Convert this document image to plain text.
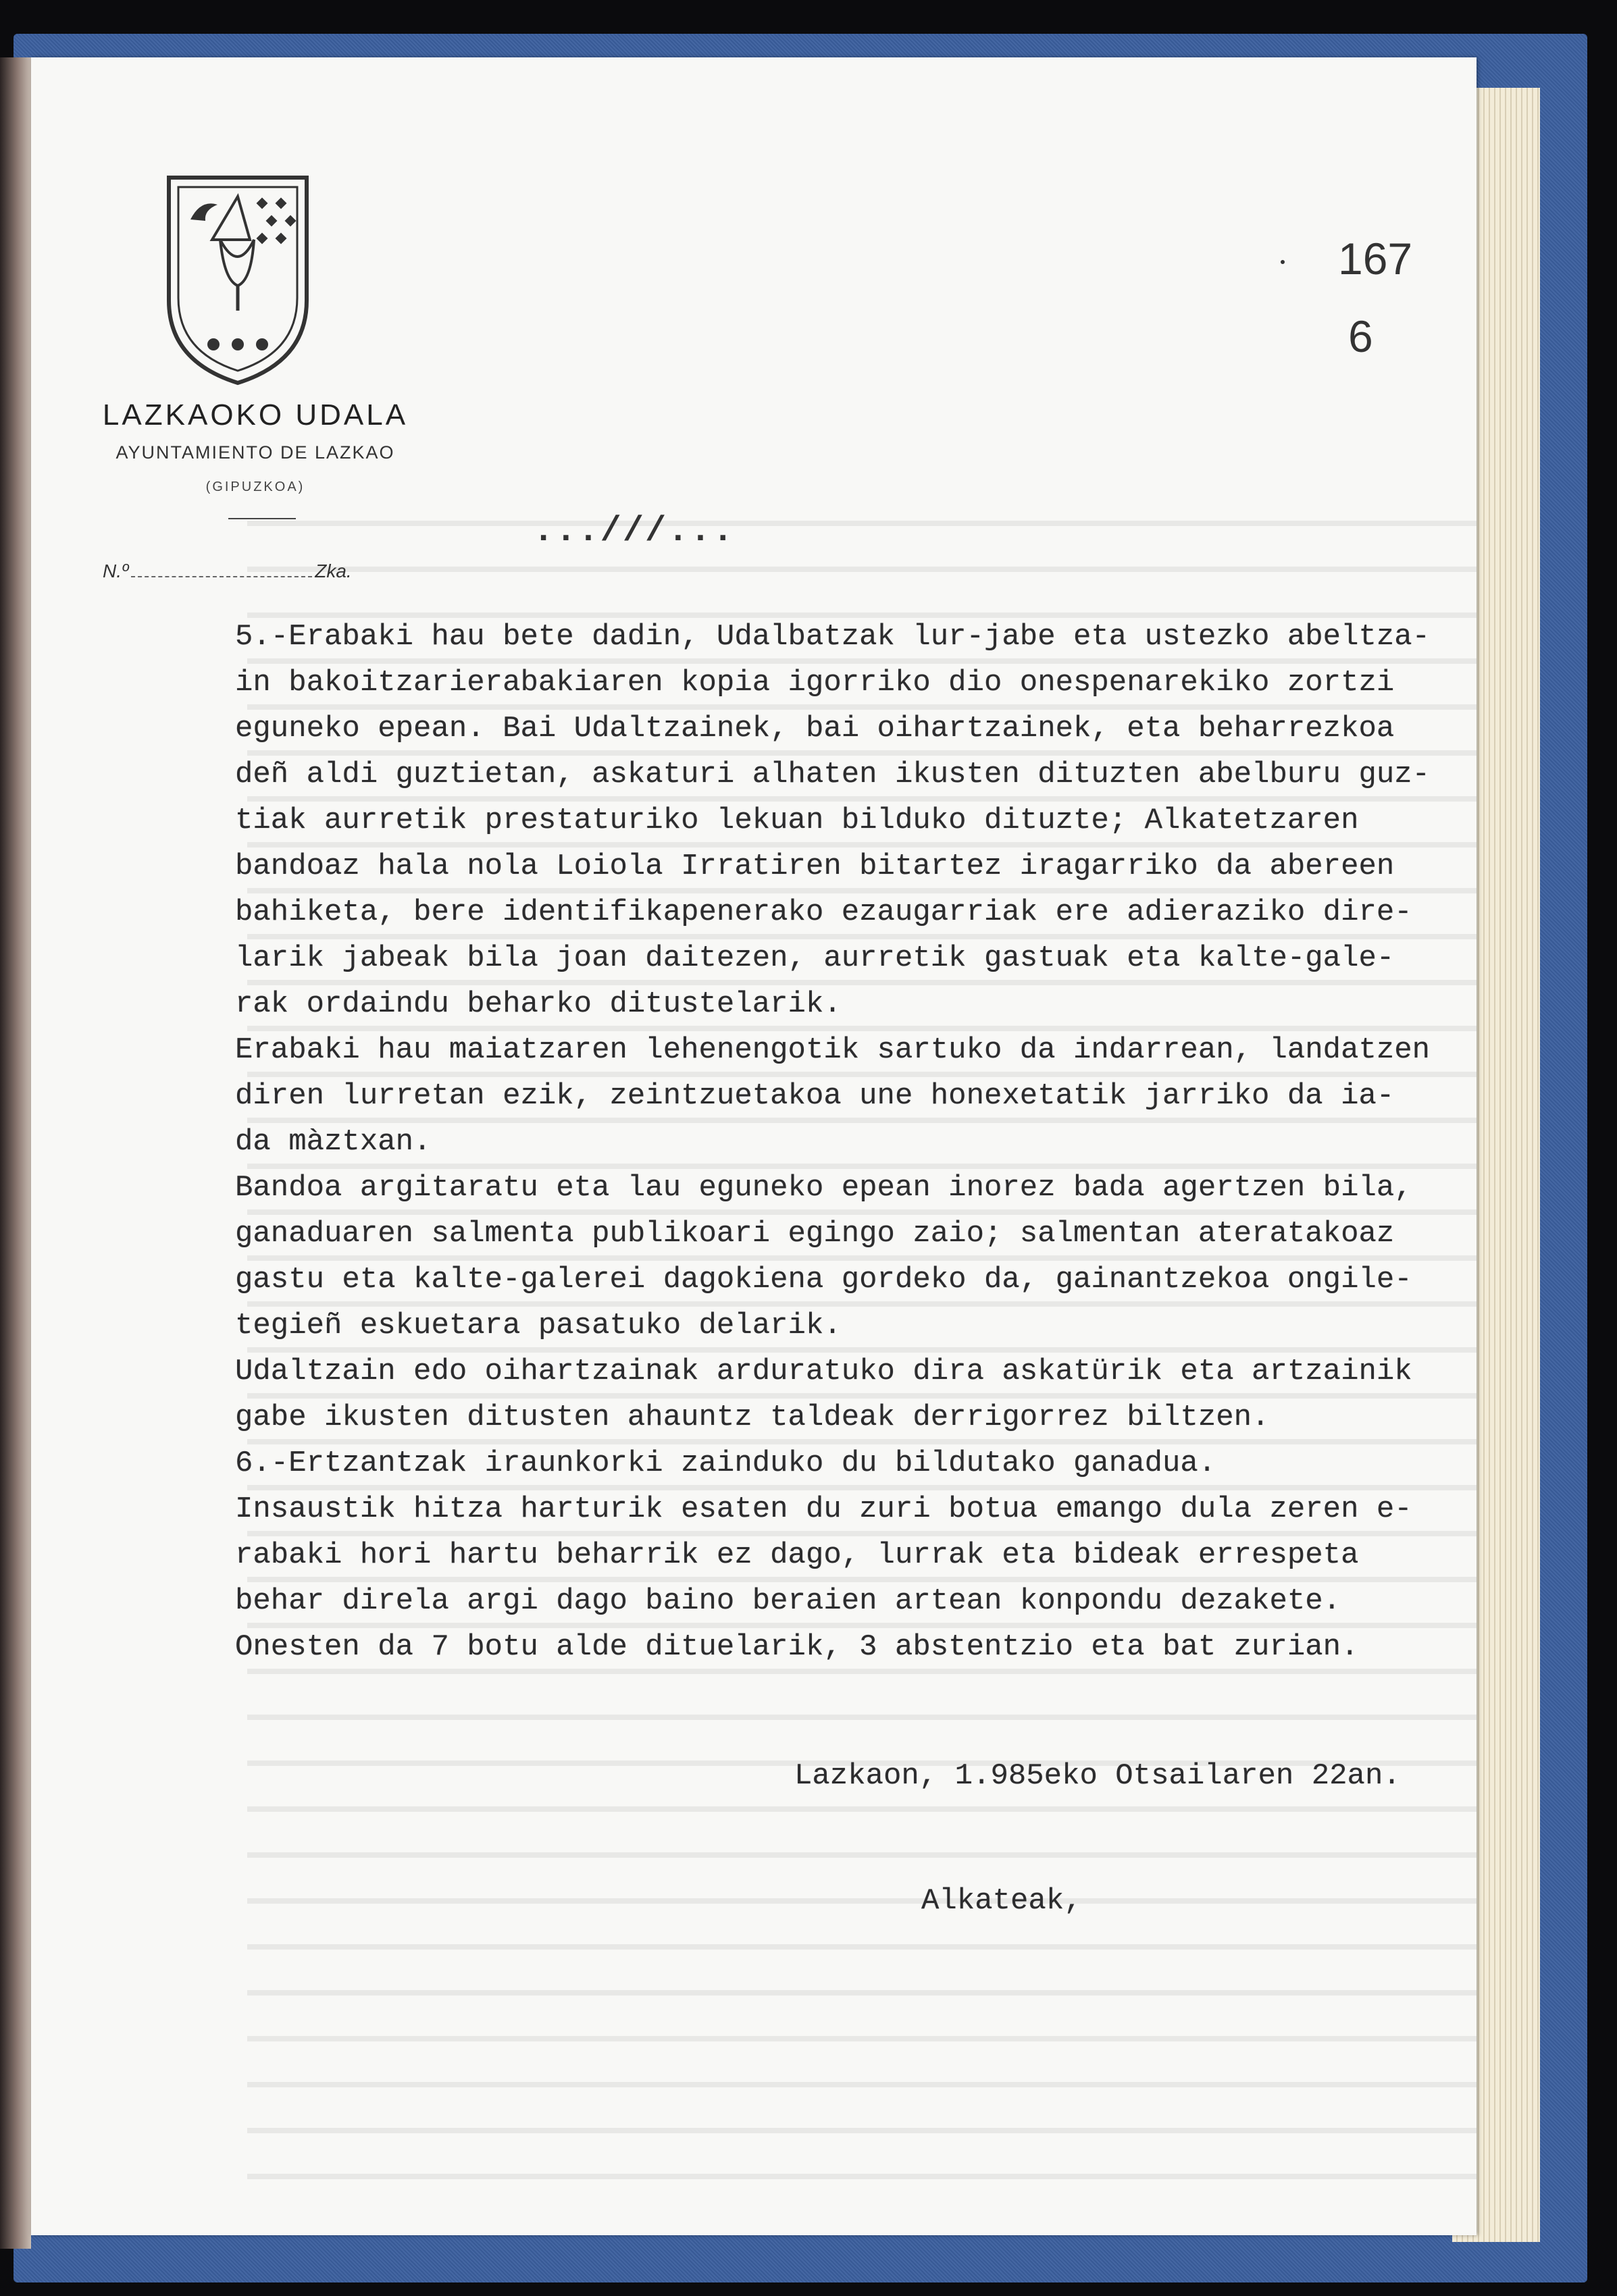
LAZKAOKO UDALA
AYUNTAMIENTO DE LAZKAO
(GIPUZKOA)
N.º	Zka.
167
6
...///...
5.-Erabaki hau bete dadin, Udalbatzak lur-jabe eta ustezko abeltza-
in bakoitzarierabakiaren kopia igorriko dio onespenarekiko zortzi
eguneko epean. Bai Udaltzainek, bai oihartzainek, eta beharrezkoa
deñ aldi guztietan, askaturi alhaten ikusten dituzten abelburu guz-
tiak aurretik prestaturiko lekuan bilduko dituzte; Alkatetzaren
bandoaz hala nola Loiola Irratiren bitartez iragarriko da abereen
bahiketa, bere identifikapenerako ezaugarriak ere adieraziko dire-
larik jabeak bila joan daitezen, aurretik gastuak eta kalte-gale-
rak ordaindu beharko ditustelarik.
Erabaki hau maiatzaren lehenengotik sartuko da indarrean, landatzen
diren lurretan ezik, zeintzuetakoa une honexetatik jarriko da ia-
da màztxan.
Bandoa argitaratu eta lau eguneko epean inorez bada agertzen bila,
ganaduaren salmenta publikoari egingo zaio; salmentan ateratakoaz
gastu eta kalte-galerei dagokiena gordeko da, gainantzekoa ongile-
tegieñ eskuetara pasatuko delarik.
Udaltzain edo oihartzainak arduratuko dira askatürik eta artzainik
gabe ikusten ditusten ahauntz taldeak derrigorrez biltzen.
6.-Ertzantzak iraunkorki zainduko du bildutako ganadua.
Insaustik hitza harturik esaten du zuri botua emango dula zeren e-
rabaki hori hartu beharrik ez dago, lurrak eta bideak errespeta
behar direla argi dago baino beraien artean konpondu dezakete.
Onesten da 7 botu alde dituelarik, 3 abstentzio eta bat zurian.
Lazkaon, 1.985eko Otsailaren 22an.
Alkateak,
